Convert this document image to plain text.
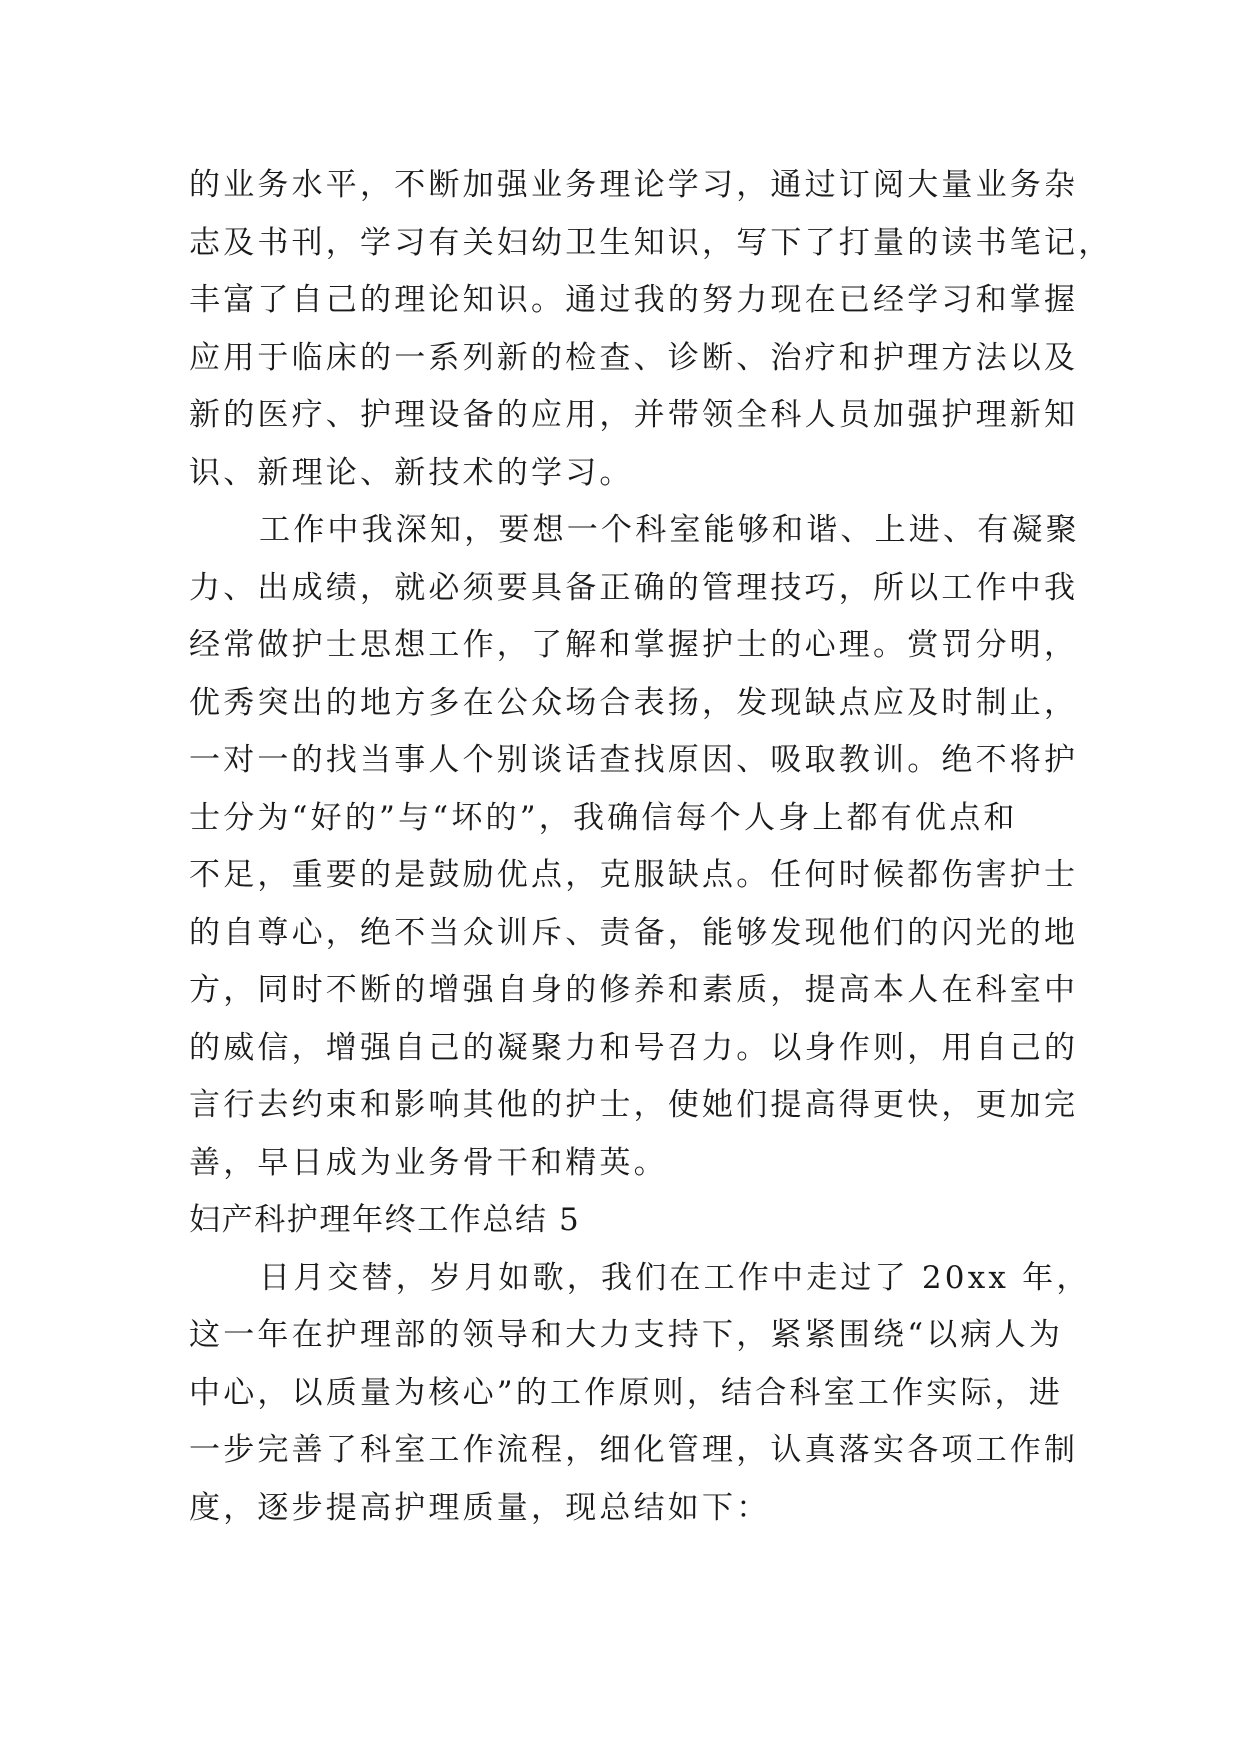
的业务水平，不断加强业务理论学习，通过订阅大量业务杂
志及书刊，学习有关妇幼卫生知识，写下了打量的读书笔记，
丰富了自己的理论知识。通过我的努力现在已经学习和掌握
应用于临床的一系列新的检查、诊断、治疗和护理方法以及
新的医疗、护理设备的应用，并带领全科人员加强护理新知
识、新理论、新技术的学习。
工作中我深知，要想一个科室能够和谐、上进、有凝聚
力、出成绩，就必须要具备正确的管理技巧，所以工作中我
经常做护士思想工作，了解和掌握护士的心理。赏罚分明，
优秀突出的地方多在公众场合表扬，发现缺点应及时制止，
一对一的找当事人个别谈话查找原因、吸取教训。绝不将护
士分为“好的”与“坏的”，我确信每个人身上都有优点和
不足，重要的是鼓励优点，克服缺点。任何时候都伤害护士
的自尊心，绝不当众训斥、责备，能够发现他们的闪光的地
方，同时不断的增强自身的修养和素质，提高本人在科室中
的威信，增强自己的凝聚力和号召力。以身作则，用自己的
言行去约束和影响其他的护士，使她们提高得更快，更加完
善，早日成为业务骨干和精英。
妇产科护理年终工作总结 5
日月交替，岁月如歌，我们在工作中走过了 20xx 年，
这一年在护理部的领导和大力支持下，紧紧围绕“以病人为
中心，以质量为核心”的工作原则，结合科室工作实际，进
一步完善了科室工作流程，细化管理，认真落实各项工作制
度，逐步提高护理质量，现总结如下：
